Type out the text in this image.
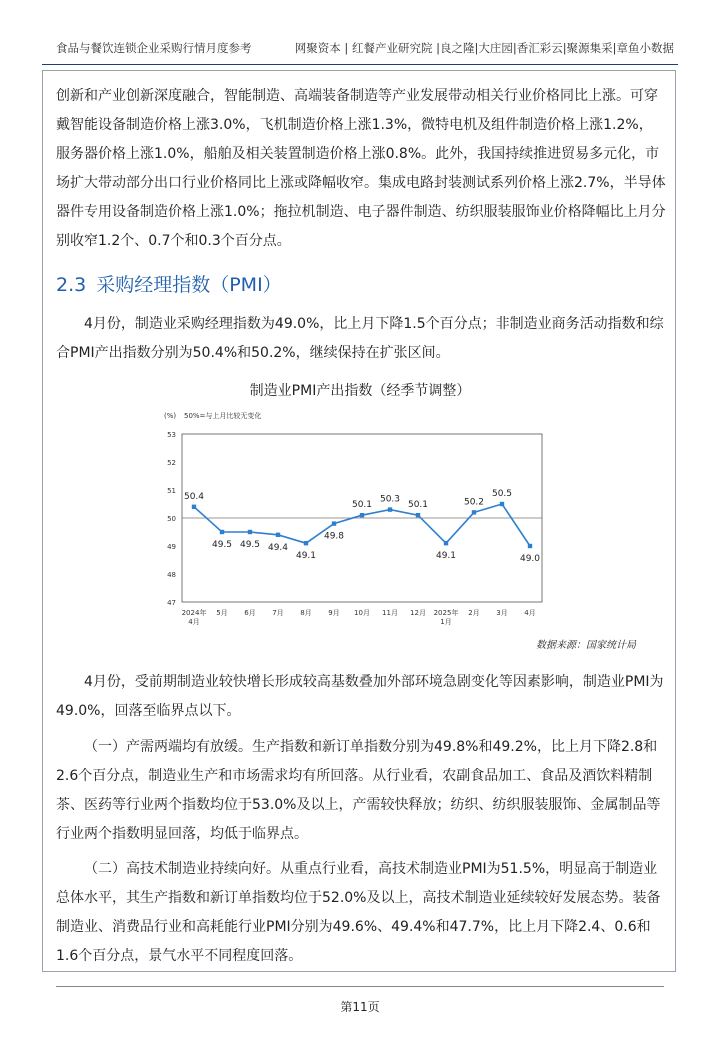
食品与餐饮连锁企业采购行情月度参考	网聚资本 | 红餐产业研究院 |良之隆|大庄园|香汇彩云|聚源集采|章鱼小数据
创新和产业创新深度融合，智能制造、高端装备制造等产业发展带动相关行业价格同比上涨。可穿戴智能设备制造价格上涨3.0%，飞机制造价格上涨1.3%，微特电机及组件制造价格上涨1.2%，服务器价格上涨1.0%，船舶及相关装置制造价格上涨0.8%。此外，我国持续推进贸易多元化，市场扩大带动部分出口行业价格同比上涨或降幅收窄。集成电路封装测试系列价格上涨2.7%，半导体器件专用设备制造价格上涨1.0%；拖拉机制造、电子器件制造、纺织服装服饰业价格降幅比上月分别收窄1.2个、0.7个和0.3个百分点。
2.3 采购经理指数（PMI）
4月份，制造业采购经理指数为49.0%，比上月下降1.5个百分点；非制造业商务活动指数和综合PMI产出指数分别为50.4%和50.2%，继续保持在扩张区间。
制造业PMI产出指数（经季节调整）
(%) 50%=与上月比较无变化
47
48
49
50
51
52
53
2024年 4月
5月 6月 7月 8月 9月 10月 11月 12月 2025年 1月
2月 3月 4月
50.4
49.5 49.5 49.4
49.1
49.8
50.1
50.3
50.1
49.1
50.2
50.5
49.0
数据来源：国家统计局
4月份，受前期制造业较快增长形成较高基数叠加外部环境急剧变化等因素影响，制造业PMI为49.0%，回落至临界点以下。
（一）产需两端均有放缓。生产指数和新订单指数分别为49.8%和49.2%，比上月下降2.8和2.6个百分点，制造业生产和市场需求均有所回落。从行业看，农副食品加工、食品及酒饮料精制茶、医药等行业两个指数均位于53.0%及以上，产需较快释放；纺织、纺织服装服饰、金属制品等行业两个指数明显回落，均低于临界点。
（二）高技术制造业持续向好。从重点行业看，高技术制造业PMI为51.5%，明显高于制造业总体水平，其生产指数和新订单指数均位于52.0%及以上，高技术制造业延续较好发展态势。装备制造业、消费品行业和高耗能行业PMI分别为49.6%、49.4%和47.7%，比上月下降2.4、0.6和1.6个百分点，景气水平不同程度回落。
第11页
